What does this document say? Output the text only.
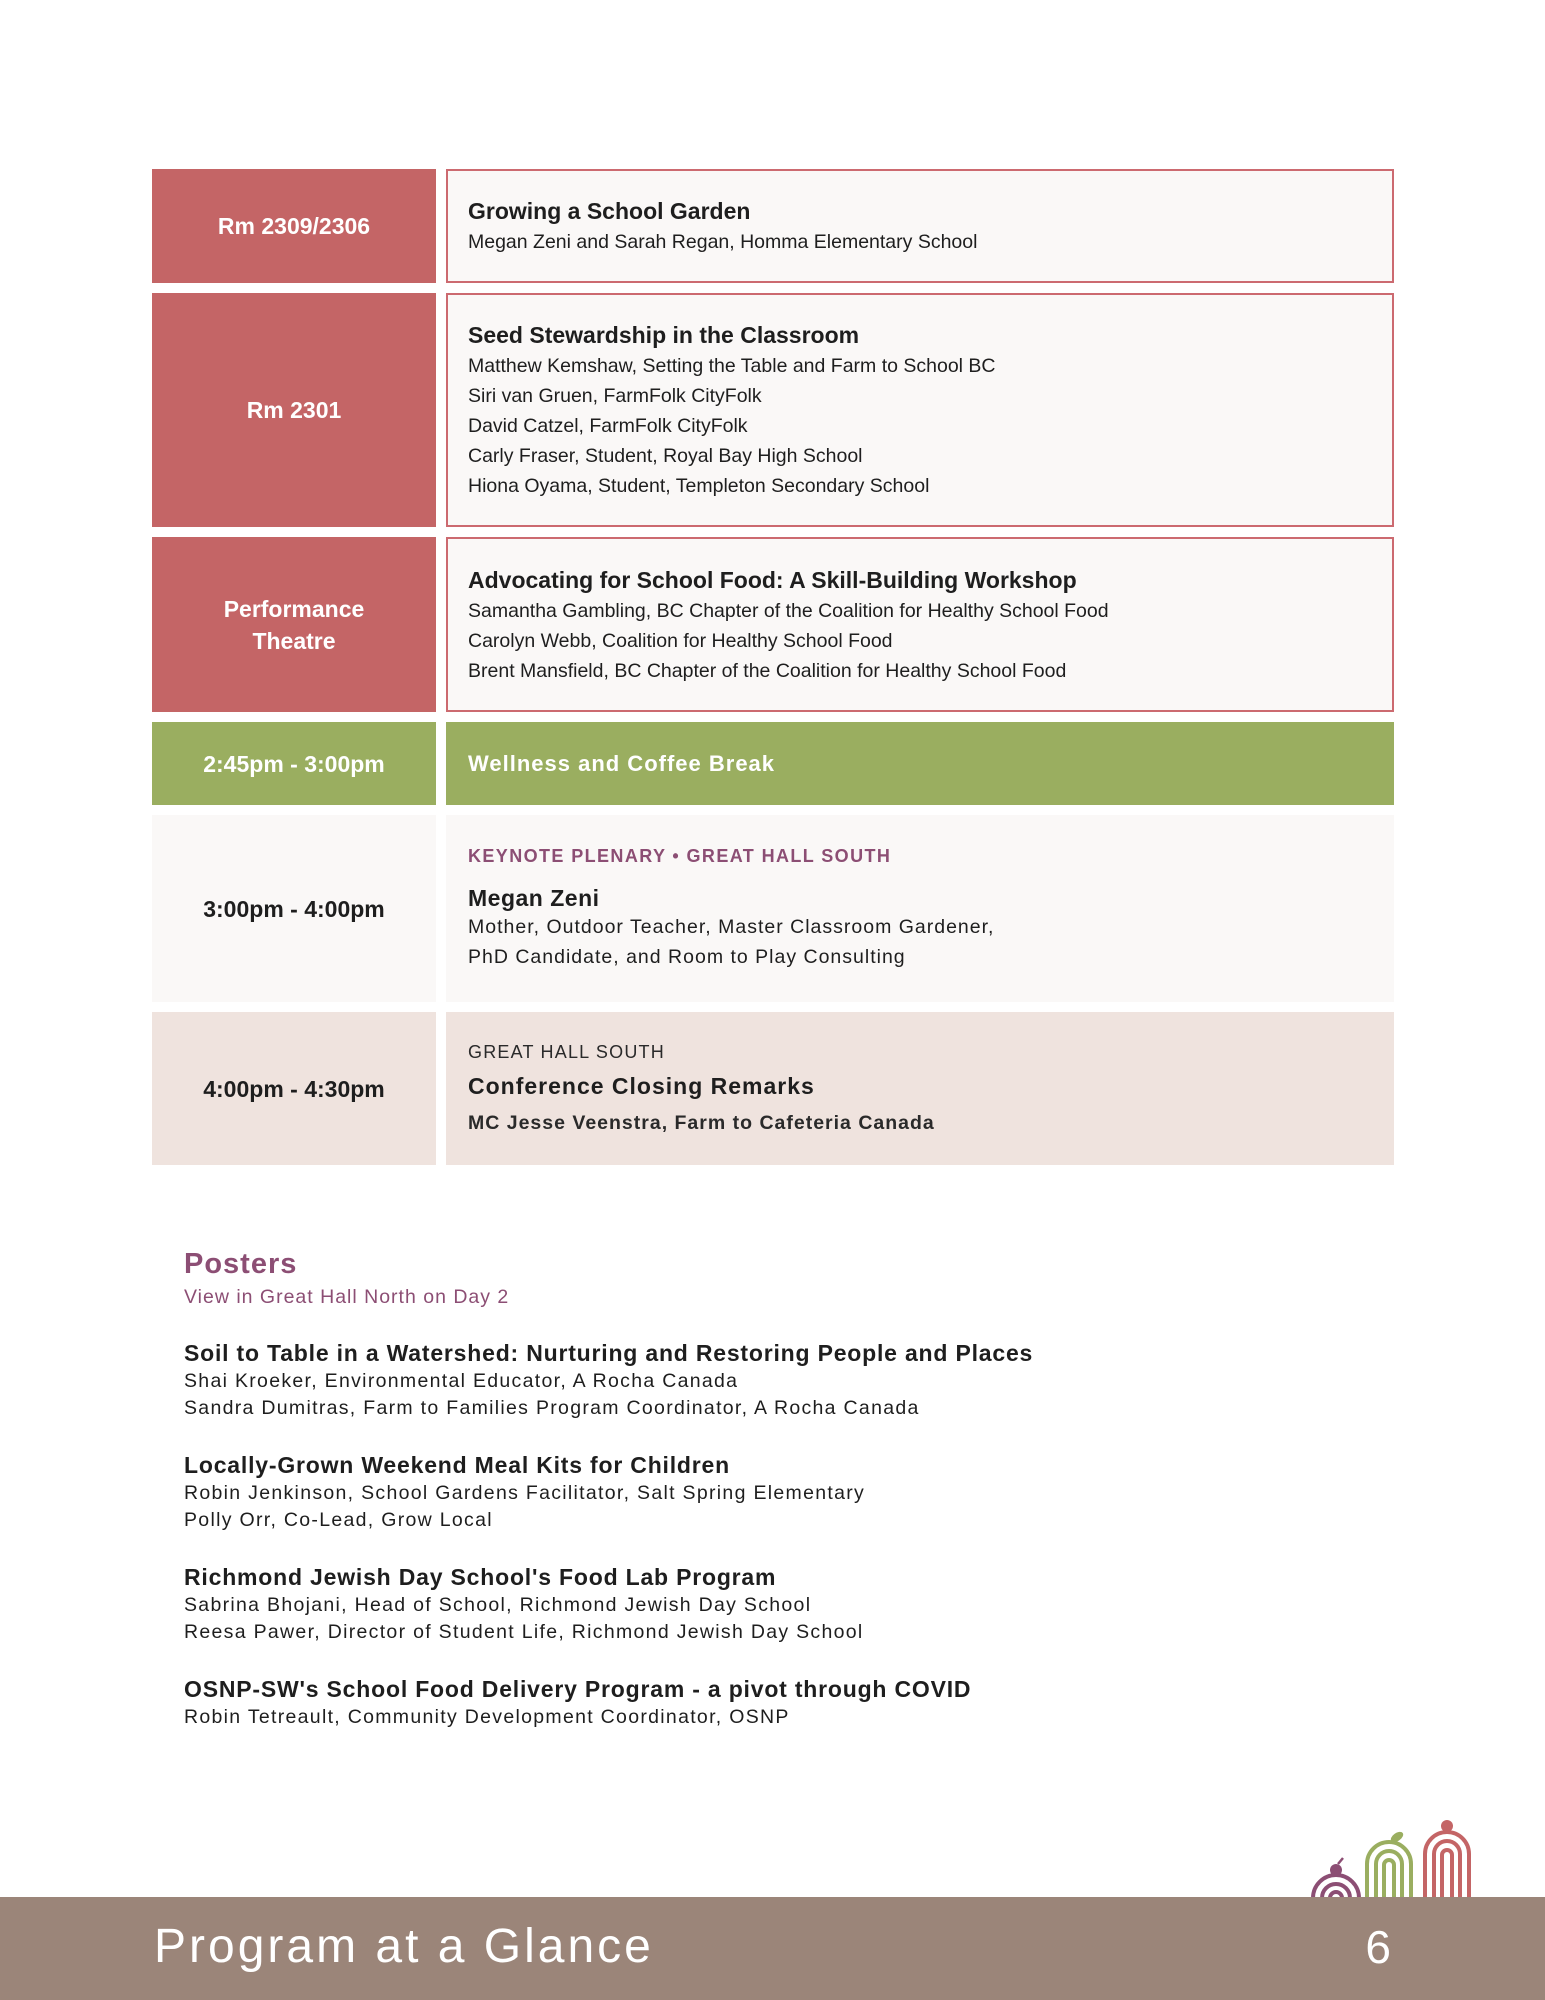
Rm 2309/2306
Growing a School Garden
Megan Zeni and Sarah Regan, Homma Elementary School
Rm 2301
Seed Stewardship in the Classroom
Matthew Kemshaw, Setting the Table and Farm to School BC
Siri van Gruen, FarmFolk CityFolk
David Catzel, FarmFolk CityFolk
Carly Fraser, Student, Royal Bay High School
Hiona Oyama, Student, Templeton Secondary School
Performance
Theatre
Advocating for School Food: A Skill-Building Workshop
Samantha Gambling, BC Chapter of the Coalition for Healthy School Food
Carolyn Webb, Coalition for Healthy School Food
Brent Mansfield, BC Chapter of the Coalition for Healthy School Food
2:45pm - 3:00pm	Wellness and Coffee Break
3:00pm - 4:00pm
KEYNOTE PLENARY • GREAT HALL SOUTH
Megan Zeni
Mother, Outdoor Teacher, Master Classroom Gardener,
PhD Candidate, and Room to Play Consulting
4:00pm - 4:30pm
GREAT HALL SOUTH
Conference Closing Remarks
MC Jesse Veenstra, Farm to Cafeteria Canada
Posters
View in Great Hall North on Day 2
Soil to Table in a Watershed: Nurturing and Restoring People and Places
Shai Kroeker, Environmental Educator, A Rocha Canada
Sandra Dumitras, Farm to Families Program Coordinator, A Rocha Canada
Locally-Grown Weekend Meal Kits for Children
Robin Jenkinson, School Gardens Facilitator, Salt Spring Elementary
Polly Orr, Co-Lead, Grow Local
Richmond Jewish Day School's Food Lab Program
Sabrina Bhojani, Head of School, Richmond Jewish Day School
Reesa Pawer, Director of Student Life, Richmond Jewish Day School
OSNP-SW's School Food Delivery Program - a pivot through COVID
Robin Tetreault, Community Development Coordinator, OSNP
Program at a Glance	6
